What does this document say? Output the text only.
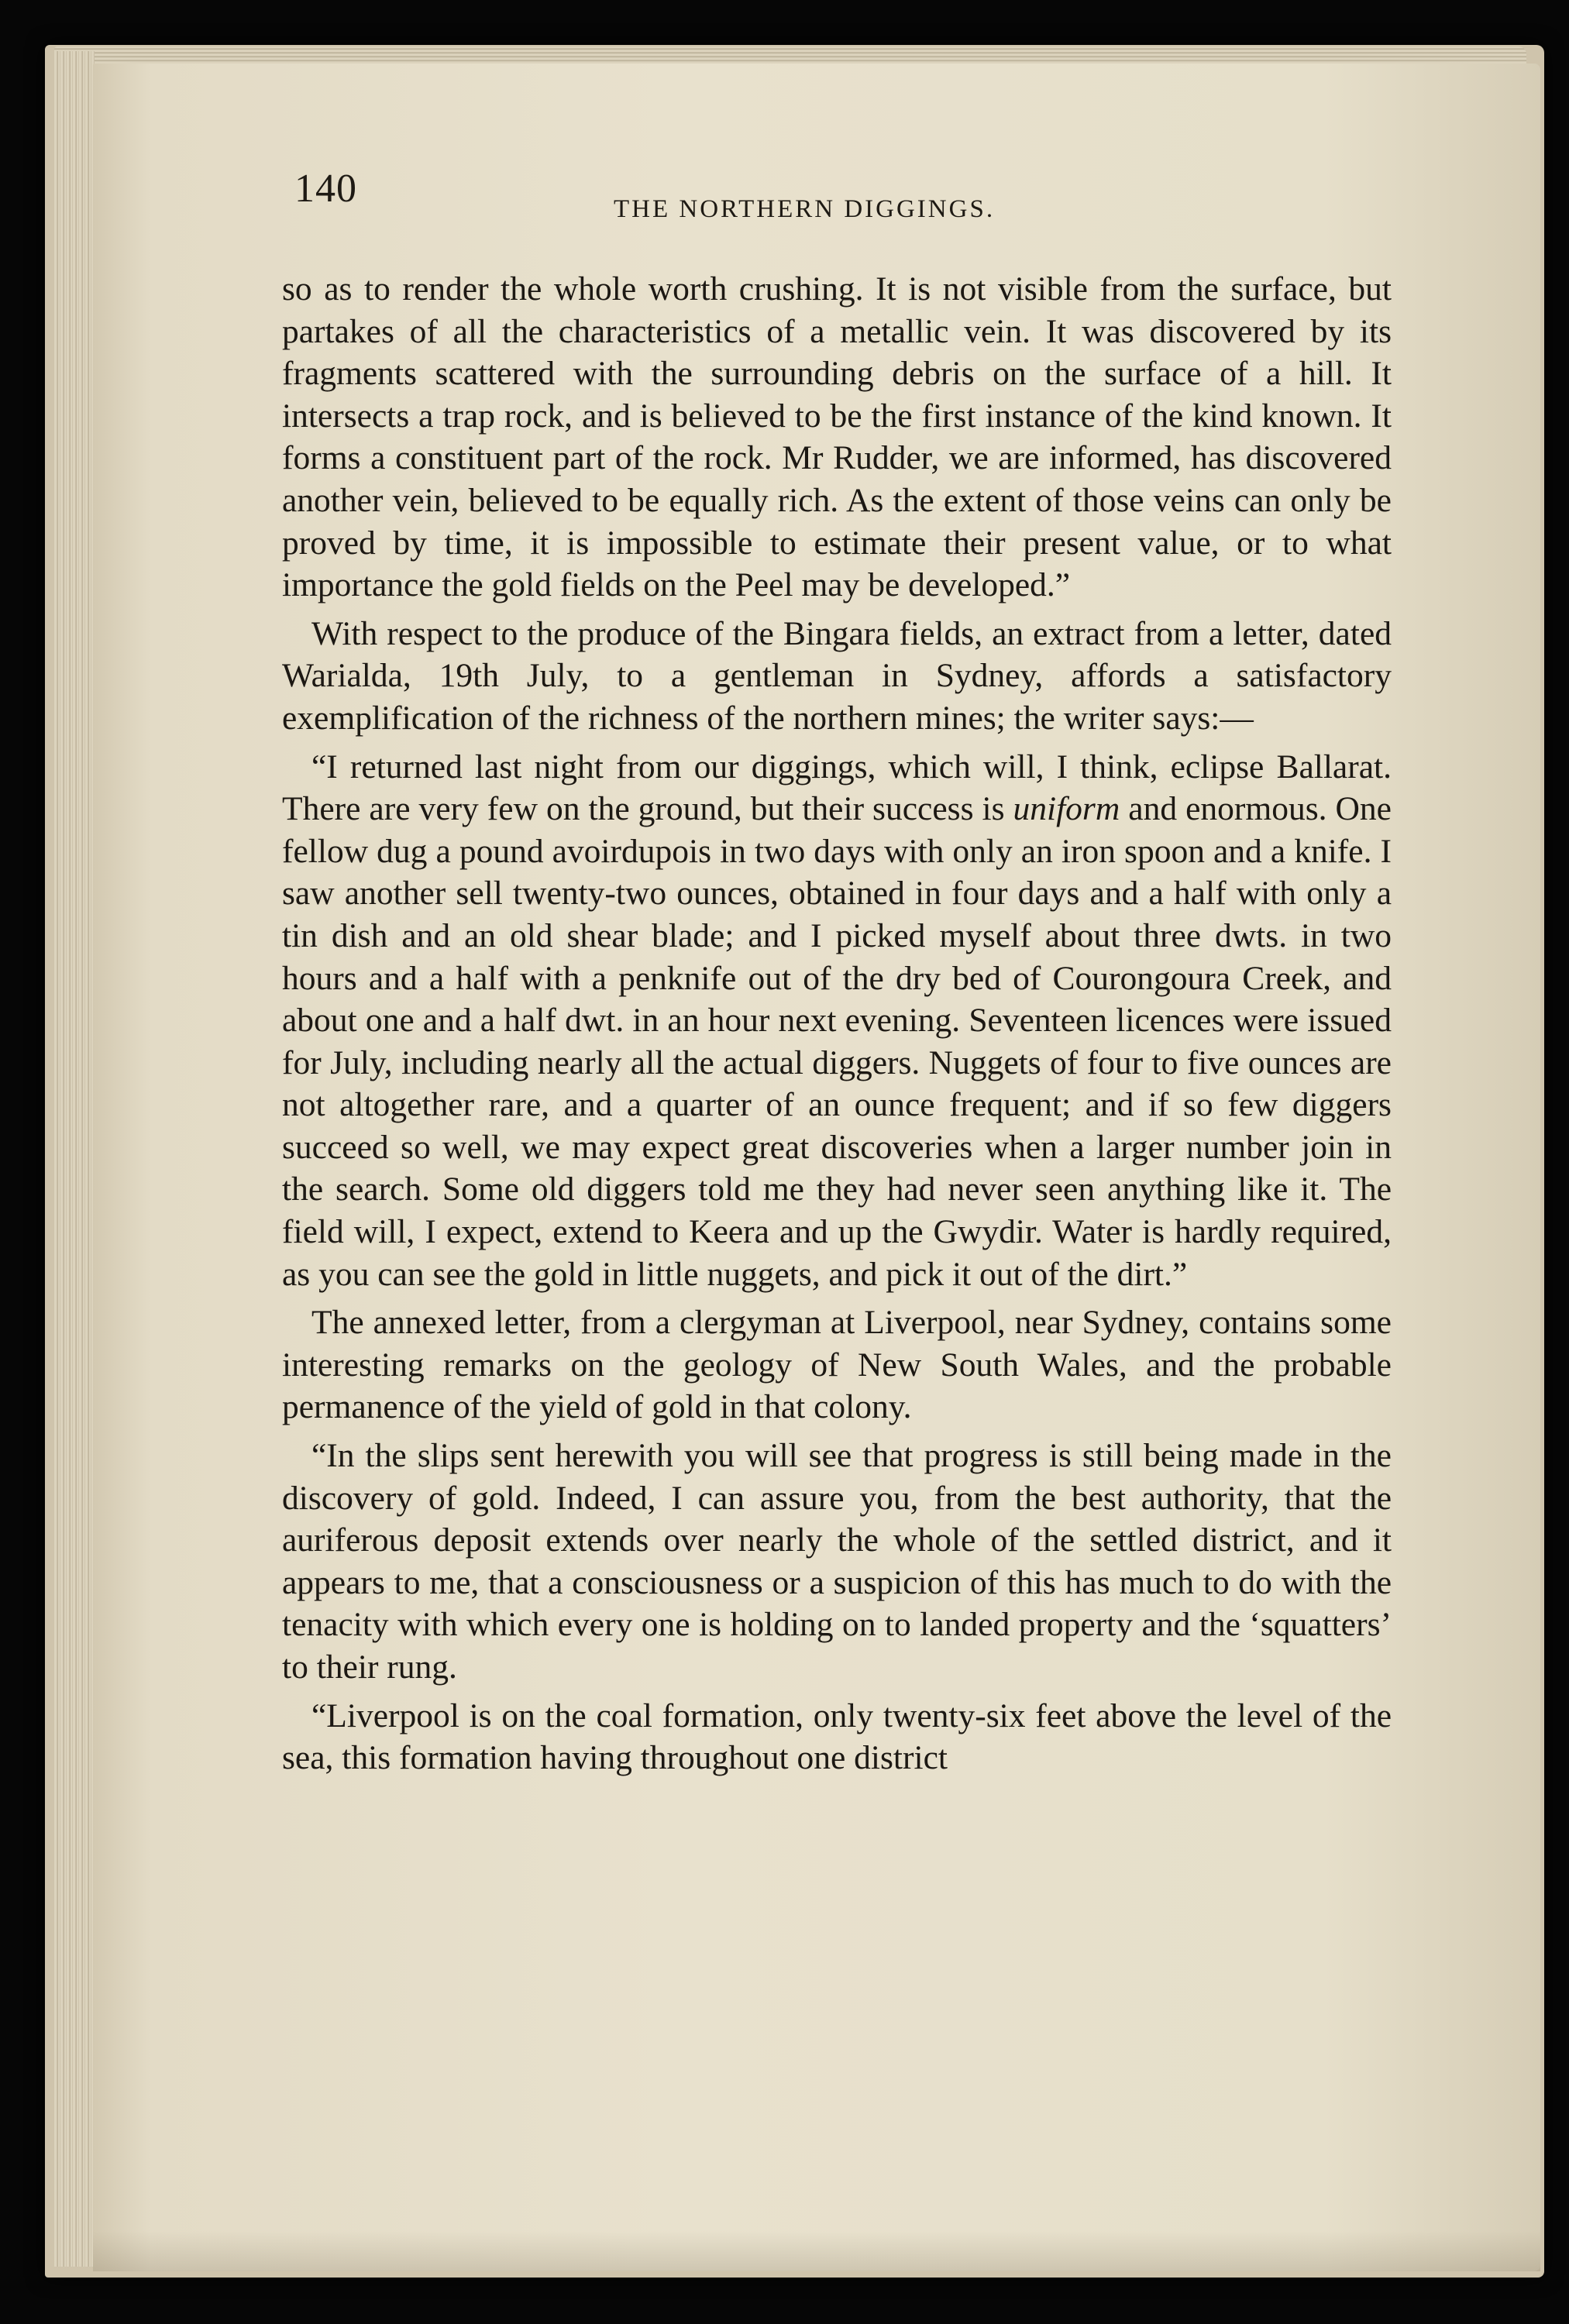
140	THE NORTHERN DIGGINGS.

so as to render the whole worth crushing. It is not visible from the surface, but partakes of all the characteristics of a metallic vein. It was discovered by its fragments scattered with the surrounding debris on the surface of a hill. It intersects a trap rock, and is believed to be the first instance of the kind known. It forms a constituent part of the rock. Mr Rudder, we are informed, has discovered another vein, believed to be equally rich. As the extent of those veins can only be proved by time, it is impossible to estimate their present value, or to what importance the gold fields on the Peel may be developed.”

With respect to the produce of the Bingara fields, an extract from a letter, dated Warialda, 19th July, to a gentleman in Sydney, affords a satisfactory exemplification of the richness of the northern mines; the writer says:—

“I returned last night from our diggings, which will, I think, eclipse Ballarat. There are very few on the ground, but their success is uniform and enormous. One fellow dug a pound avoirdupois in two days with only an iron spoon and a knife. I saw another sell twenty-two ounces, obtained in four days and a half with only a tin dish and an old shear blade; and I picked myself about three dwts. in two hours and a half with a penknife out of the dry bed of Courongoura Creek, and about one and a half dwt. in an hour next evening. Seventeen licences were issued for July, including nearly all the actual diggers. Nuggets of four to five ounces are not altogether rare, and a quarter of an ounce frequent; and if so few diggers succeed so well, we may expect great discoveries when a larger number join in the search. Some old diggers told me they had never seen anything like it. The field will, I expect, extend to Keera and up the Gwydir. Water is hardly required, as you can see the gold in little nuggets, and pick it out of the dirt.”

The annexed letter, from a clergyman at Liverpool, near Sydney, contains some interesting remarks on the geology of New South Wales, and the probable permanence of the yield of gold in that colony.

“In the slips sent herewith you will see that progress is still being made in the discovery of gold. Indeed, I can assure you, from the best authority, that the auriferous deposit extends over nearly the whole of the settled district, and it appears to me, that a consciousness or a suspicion of this has much to do with the tenacity with which every one is holding on to landed property and the ‘squatters’ to their rung.

“Liverpool is on the coal formation, only twenty-six feet above the level of the sea, this formation having throughout one district
